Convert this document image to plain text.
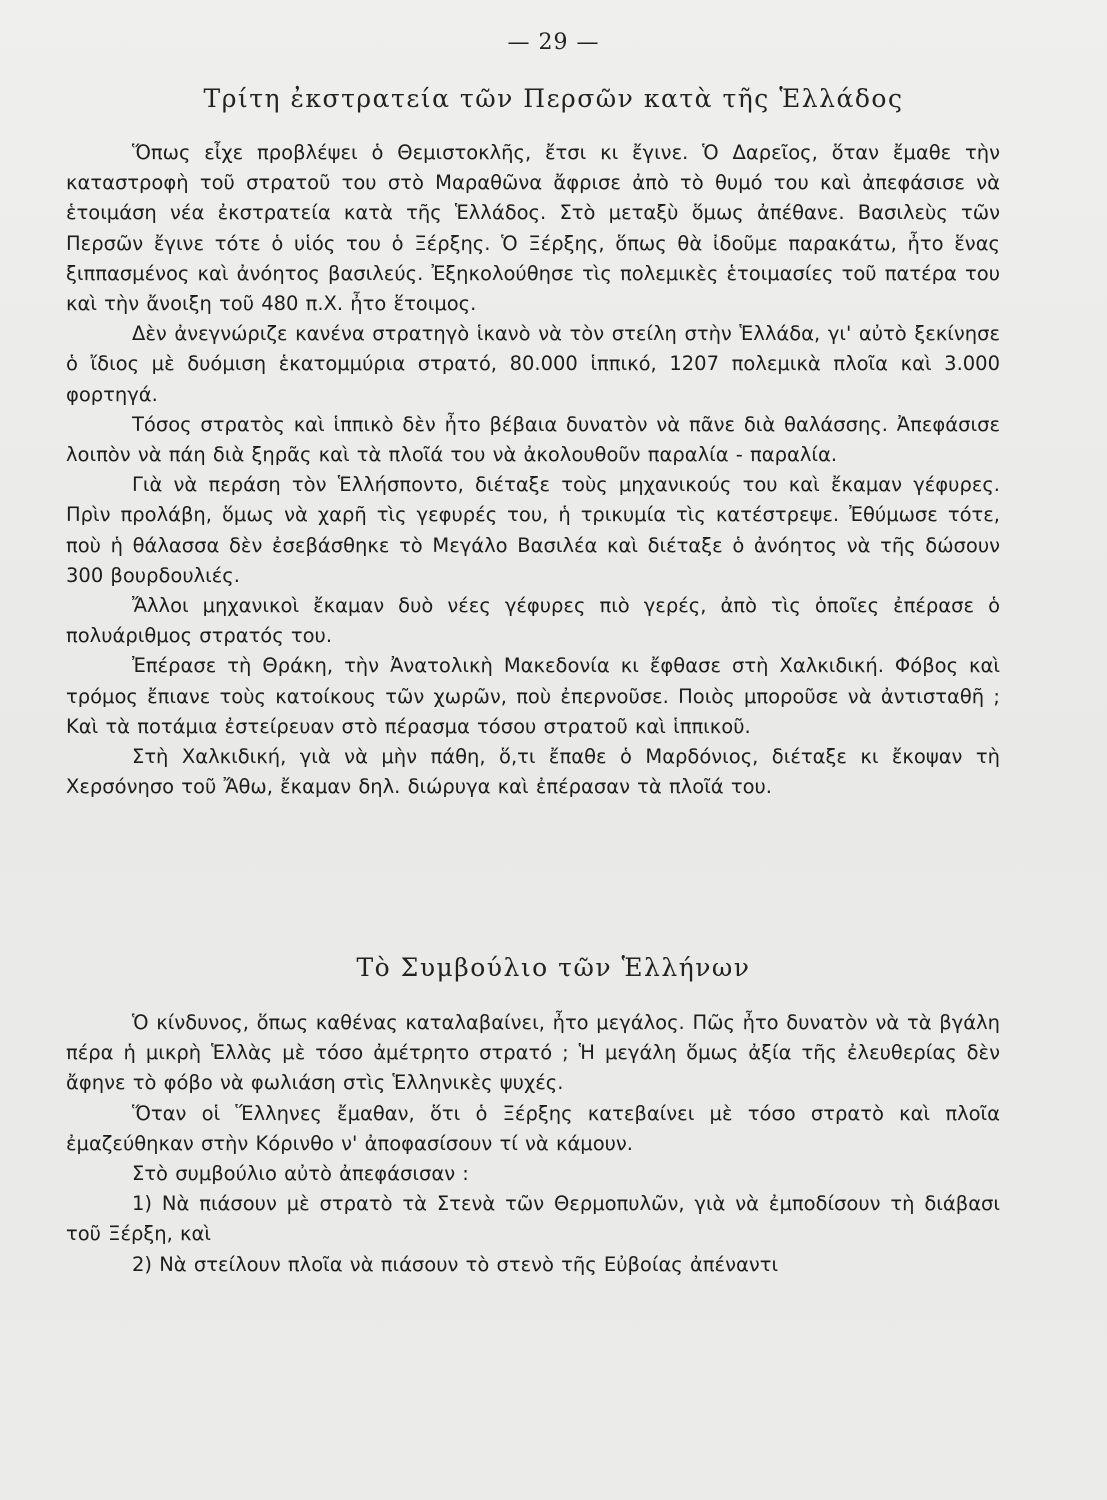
— 29 —
Τρίτη ἐκστρατεία τῶν Περσῶν κατὰ τῆς Ἑλλάδος

Ὅπως εἶχε προβλέψει ὁ Θεμιστοκλῆς, ἔτσι κι ἔγινε. Ὁ Δαρεῖος, ὅταν ἔμαθε τὴν καταστροφὴ τοῦ στρατοῦ του στὸ Μαραθῶνα ἄφρισε ἀπὸ τὸ θυμό του καὶ ἀπεφάσισε νὰ ἑτοιμάση νέα ἐκστρατεία κατὰ τῆς Ἑλλάδος. Στὸ μεταξὺ ὅμως ἀπέθανε. Βασιλεὺς τῶν Περσῶν ἔγινε τότε ὁ υἱός του ὁ Ξέρξης. Ὁ Ξέρξης, ὅπως θὰ ἰδοῦμε παρακάτω, ἦτο ἕνας ξιππασμένος καὶ ἀνόητος βασιλεύς. Ἐξηκολούθησε τὶς πολεμικὲς ἑτοιμασίες τοῦ πατέρα του καὶ τὴν ἄνοιξη τοῦ 480 π.Χ. ἦτο ἕτοιμος.

Δὲν ἀνεγνώριζε κανένα στρατηγὸ ἱκανὸ νὰ τὸν στείλη στὴν Ἑλλάδα, γι' αὐτὸ ξεκίνησε ὁ ἴδιος μὲ δυόμιση ἑκατομμύρια στρατό, 80.000 ἱππικό, 1207 πολεμικὰ πλοῖα καὶ 3.000 φορτηγά.

Τόσος στρατὸς καὶ ἱππικὸ δὲν ἦτο βέβαια δυνατὸν νὰ πᾶνε διὰ θαλάσσης. Ἀπεφάσισε λοιπὸν νὰ πάη διὰ ξηρᾶς καὶ τὰ πλοῖά του νὰ ἀκολουθοῦν παραλία - παραλία.

Γιὰ νὰ περάση τὸν Ἑλλήσποντο, διέταξε τοὺς μηχανικούς του καὶ ἔκαμαν γέφυρες. Πρὶν προλάβη, ὅμως νὰ χαρῆ τὶς γεφυρές του, ἡ τρικυμία τὶς κατέστρεψε. Ἐθύμωσε τότε, ποὺ ἡ θάλασσα δὲν ἐσεβάσθηκε τὸ Μεγάλο Βασιλέα καὶ διέταξε ὁ ἀνόητος νὰ τῆς δώσουν 300 βουρδουλιές.

Ἄλλοι μηχανικοὶ ἔκαμαν δυὸ νέες γέφυρες πιὸ γερές, ἀπὸ τὶς ὁποῖες ἐπέρασε ὁ πολυάριθμος στρατός του.

Ἐπέρασε τὴ Θράκη, τὴν Ἀνατολικὴ Μακεδονία κι ἔφθασε στὴ Χαλκιδική. Φόβος καὶ τρόμος ἔπιανε τοὺς κατοίκους τῶν χωρῶν, ποὺ ἐπερνοῦσε. Ποιὸς μποροῦσε νὰ ἀντισταθῆ ; Καὶ τὰ ποτάμια ἐστείρευαν στὸ πέρασμα τόσου στρατοῦ καὶ ἱππικοῦ.

Στὴ Χαλκιδική, γιὰ νὰ μὴν πάθη, ὅ,τι ἔπαθε ὁ Μαρδόνιος, διέταξε κι ἔκοψαν τὴ Χερσόνησο τοῦ Ἄθω, ἔκαμαν δηλ. διώρυγα καὶ ἐπέρασαν τὰ πλοῖά του.

Τὸ Συμβούλιο τῶν Ἑλλήνων

Ὁ κίνδυνος, ὅπως καθένας καταλαβαίνει, ἦτο μεγάλος. Πῶς ἦτο δυνατὸν νὰ τὰ βγάλη πέρα ἡ μικρὴ Ἑλλὰς μὲ τόσο ἀμέτρητο στρατό ; Ἡ μεγάλη ὅμως ἀξία τῆς ἐλευθερίας δὲν ἄφηνε τὸ φόβο νὰ φωλιάση στὶς Ἑλληνικὲς ψυχές.

Ὅταν οἱ Ἕλληνες ἔμαθαν, ὅτι ὁ Ξέρξης κατεβαίνει μὲ τόσο στρατὸ καὶ πλοῖα ἐμαζεύθηκαν στὴν Κόρινθο ν' ἀποφασίσουν τί νὰ κάμουν.

Στὸ συμβούλιο αὐτὸ ἀπεφάσισαν :

1) Νὰ πιάσουν μὲ στρατὸ τὰ Στενὰ τῶν Θερμοπυλῶν, γιὰ νὰ ἐμποδίσουν τὴ διάβασι τοῦ Ξέρξη, καὶ

2) Νὰ στείλουν πλοῖα νὰ πιάσουν τὸ στενὸ τῆς Εὐβοίας ἀπέναντι
